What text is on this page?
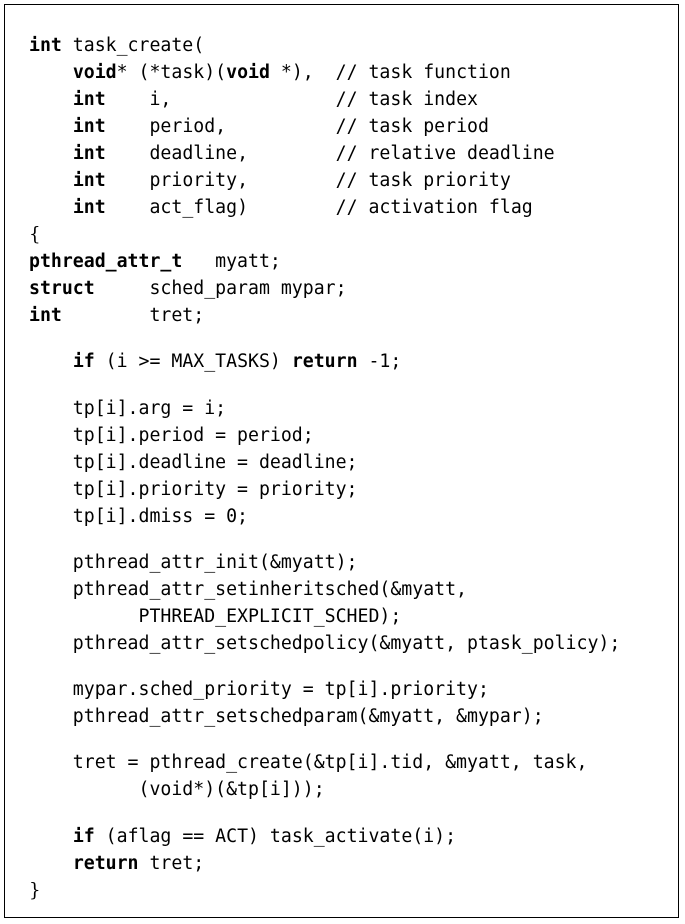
int task_create(
void* (*task)(void *),  // task function
int    i,               // task index
int    period,          // task period
int    deadline,        // relative deadline
int    priority,        // task priority
int    act_flag)        // activation flag
{
pthread_attr_t   myatt;
struct     sched_param mypar;
int        tret;
if (i >= MAX_TASKS) return -1;
tp[i].arg = i;
tp[i].period = period;
tp[i].deadline = deadline;
tp[i].priority = priority;
tp[i].dmiss = 0;
pthread_attr_init(&myatt);
pthread_attr_setinheritsched(&myatt,
PTHREAD_EXPLICIT_SCHED);
pthread_attr_setschedpolicy(&myatt, ptask_policy);
mypar.sched_priority = tp[i].priority;
pthread_attr_setschedparam(&myatt, &mypar);
tret = pthread_create(&tp[i].tid, &myatt, task,
(void*)(&tp[i]));
if (aflag == ACT) task_activate(i);
return tret;
}
